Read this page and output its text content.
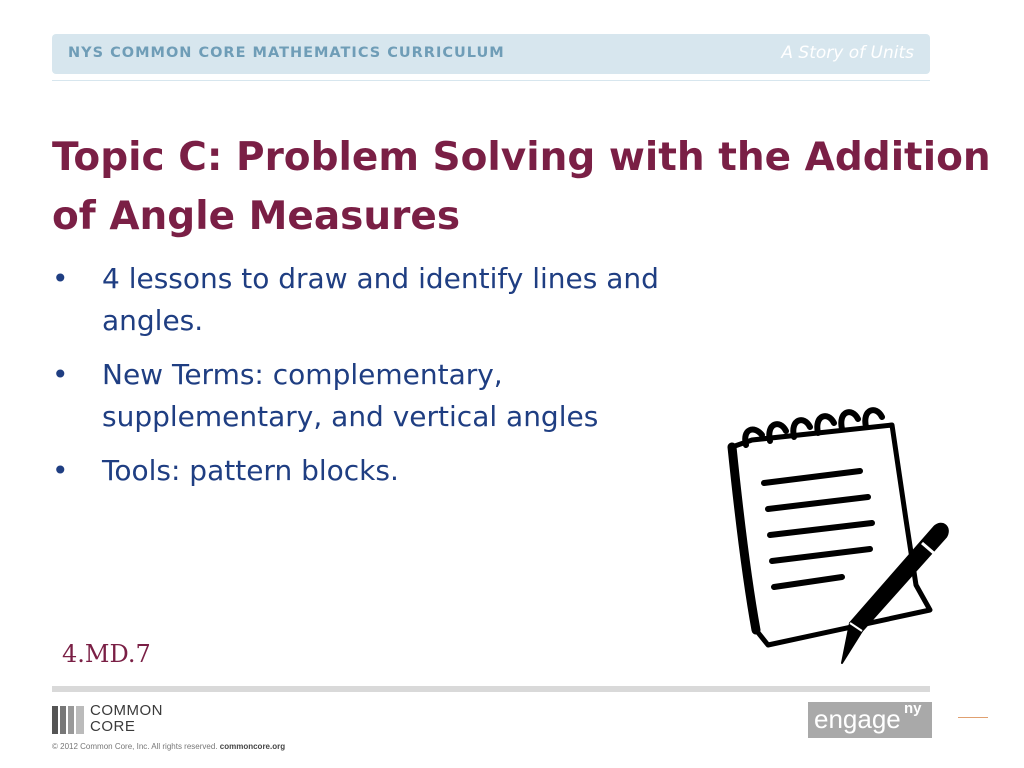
NYS COMMON CORE MATHEMATICS CURRICULUM	A Story of Units
Topic C: Problem Solving with the Addition of Angle Measures
• 4 lessons to draw and identify lines and angles.
• New Terms: complementary, supplementary, and vertical angles
• Tools: pattern blocks.
4.MD.7
COMMON
CORE
© 2012 Common Core, Inc. All rights reserved. commoncore.org
engage ny
